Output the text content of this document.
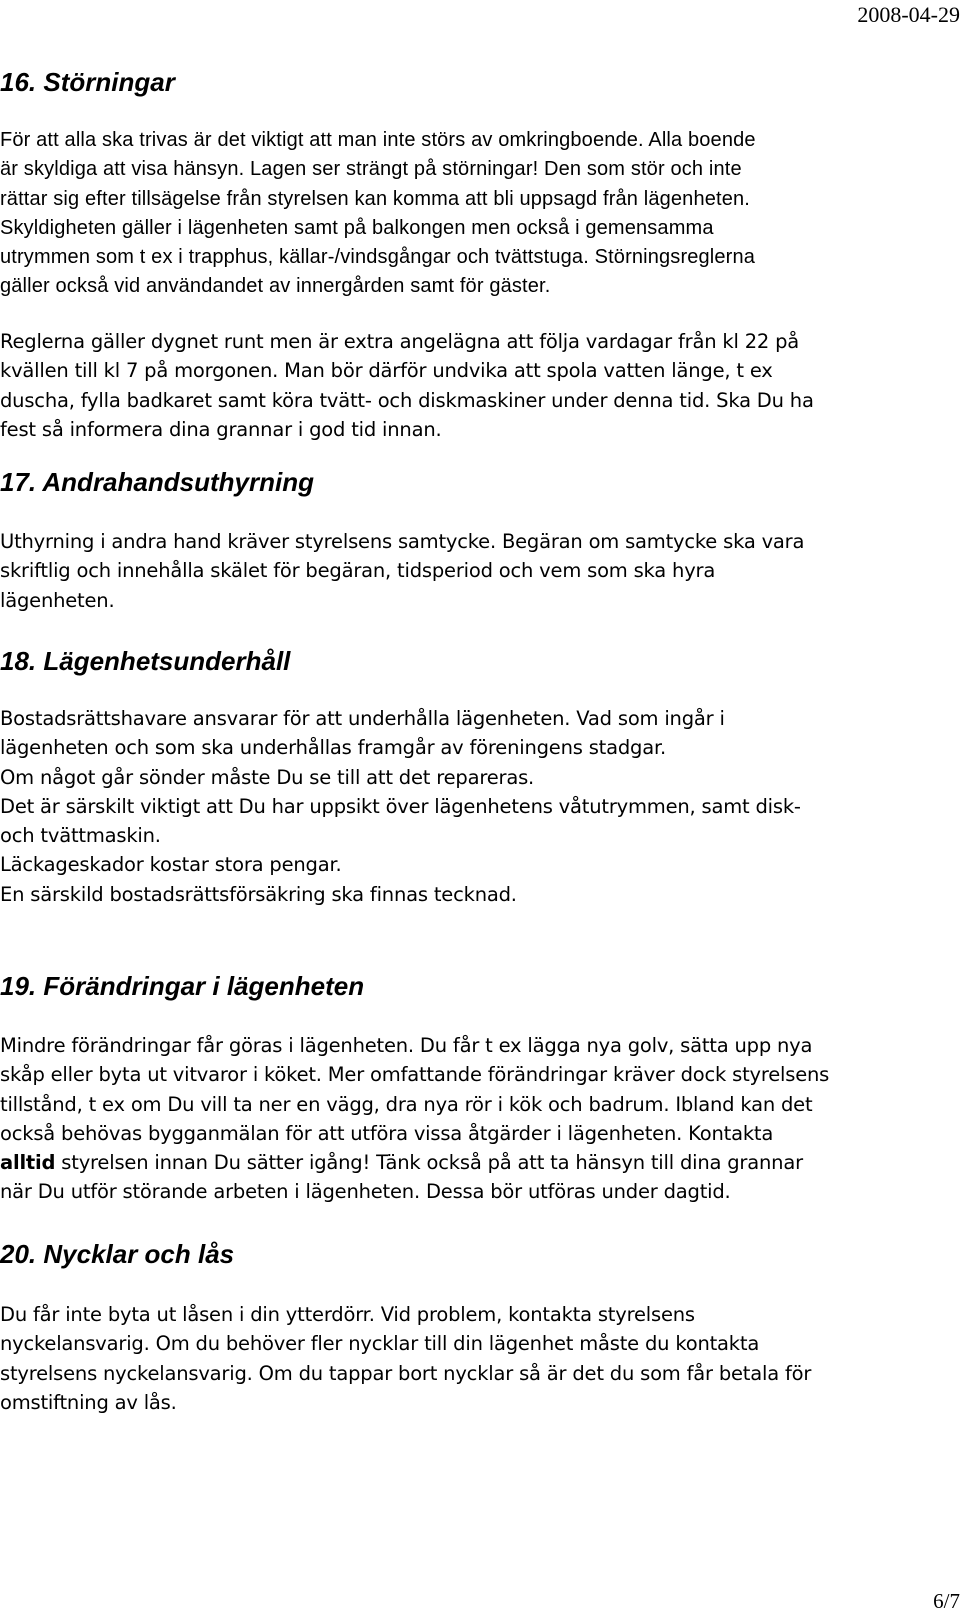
2008-04-29
16. Störningar
För att alla ska trivas är det viktigt att man inte störs av omkringboende. Alla boende
är skyldiga att visa hänsyn. Lagen ser strängt på störningar! Den som stör och inte
rättar sig efter tillsägelse från styrelsen kan komma att bli uppsagd från lägenheten.
Skyldigheten gäller i lägenheten samt på balkongen men också i gemensamma
utrymmen som t ex i trapphus, källar-/vindsgångar och tvättstuga. Störningsreglerna
gäller också vid användandet av innergården samt för gäster.
Reglerna gäller dygnet runt men är extra angelägna att följa vardagar från kl 22 på
kvällen till kl 7 på morgonen. Man bör därför undvika att spola vatten länge, t ex
duscha, fylla badkaret samt köra tvätt- och diskmaskiner under denna tid. Ska Du ha
fest så informera dina grannar i god tid innan.
17. Andrahandsuthyrning
Uthyrning i andra hand kräver styrelsens samtycke. Begäran om samtycke ska vara
skriftlig och innehålla skälet för begäran, tidsperiod och vem som ska hyra
lägenheten.
18. Lägenhetsunderhåll
Bostadsrättshavare ansvarar för att underhålla lägenheten. Vad som ingår i
lägenheten och som ska underhållas framgår av föreningens stadgar.
Om något går sönder måste Du se till att det repareras.
Det är särskilt viktigt att Du har uppsikt över lägenhetens våtutrymmen, samt disk-
och tvättmaskin.
Läckageskador kostar stora pengar.
En särskild bostadsrättsförsäkring ska finnas tecknad.
19. Förändringar i lägenheten
Mindre förändringar får göras i lägenheten. Du får t ex lägga nya golv, sätta upp nya
skåp eller byta ut vitvaror i köket. Mer omfattande förändringar kräver dock styrelsens
tillstånd, t ex om Du vill ta ner en vägg, dra nya rör i kök och badrum. Ibland kan det
också behövas bygganmälan för att utföra vissa åtgärder i lägenheten. Kontakta
alltid styrelsen innan Du sätter igång! Tänk också på att ta hänsyn till dina grannar
när Du utför störande arbeten i lägenheten. Dessa bör utföras under dagtid.
20. Nycklar och lås
Du får inte byta ut låsen i din ytterdörr. Vid problem, kontakta styrelsens
nyckelansvarig. Om du behöver fler nycklar till din lägenhet måste du kontakta
styrelsens nyckelansvarig. Om du tappar bort nycklar så är det du som får betala för
omstiftning av lås.
6/7
